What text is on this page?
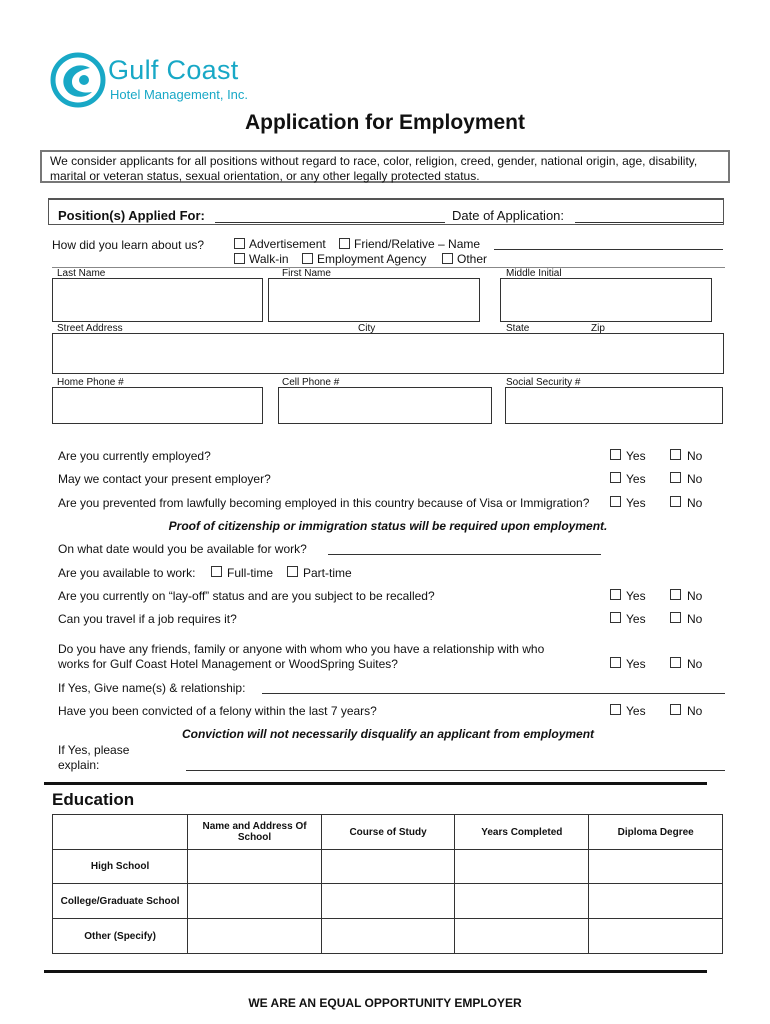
Gulf Coast
Hotel Management, Inc.
Application for Employment
We consider applicants for all positions without regard to race, color, religion, creed, gender, national origin, age, disability, marital or veteran status, sexual orientation, or any other legally protected status.
Position(s) Applied For:	Date of Application:
How did you learn about us?	Advertisement Friend/Relative – Name
Walk-in Employment Agency	Other
Last Name	First Name	Middle Initial
Street Address	City	State	Zip
Home Phone #	Cell Phone #	Social Security #
Are you currently employed?	Yes	No
May we contact your present employer?	Yes	No
Are you prevented from lawfully becoming employed in this country because of Visa or Immigration?	Yes	No
Proof of citizenship or immigration status will be required upon employment.
On what date would you be available for work?
Are you available to work:	Full-time Part-time
Are you currently on “lay-off” status and are you subject to be recalled?	Yes	No
Can you travel if a job requires it?	Yes	No
Do you have any friends, family or anyone with whom who you have a relationship with who
works for Gulf Coast Hotel Management or WoodSpring Suites?	Yes	No
If Yes, Give name(s) & relationship:
Have you been convicted of a felony within the last 7 years?	Yes	No
Conviction will not necessarily disqualify an applicant from employment
If Yes, please
explain:
Education
	Name and Address Of School	Course of Study	Years Completed	Diploma Degree
High School				
College/Graduate School				
Other (Specify)				
WE ARE AN EQUAL OPPORTUNITY EMPLOYER
